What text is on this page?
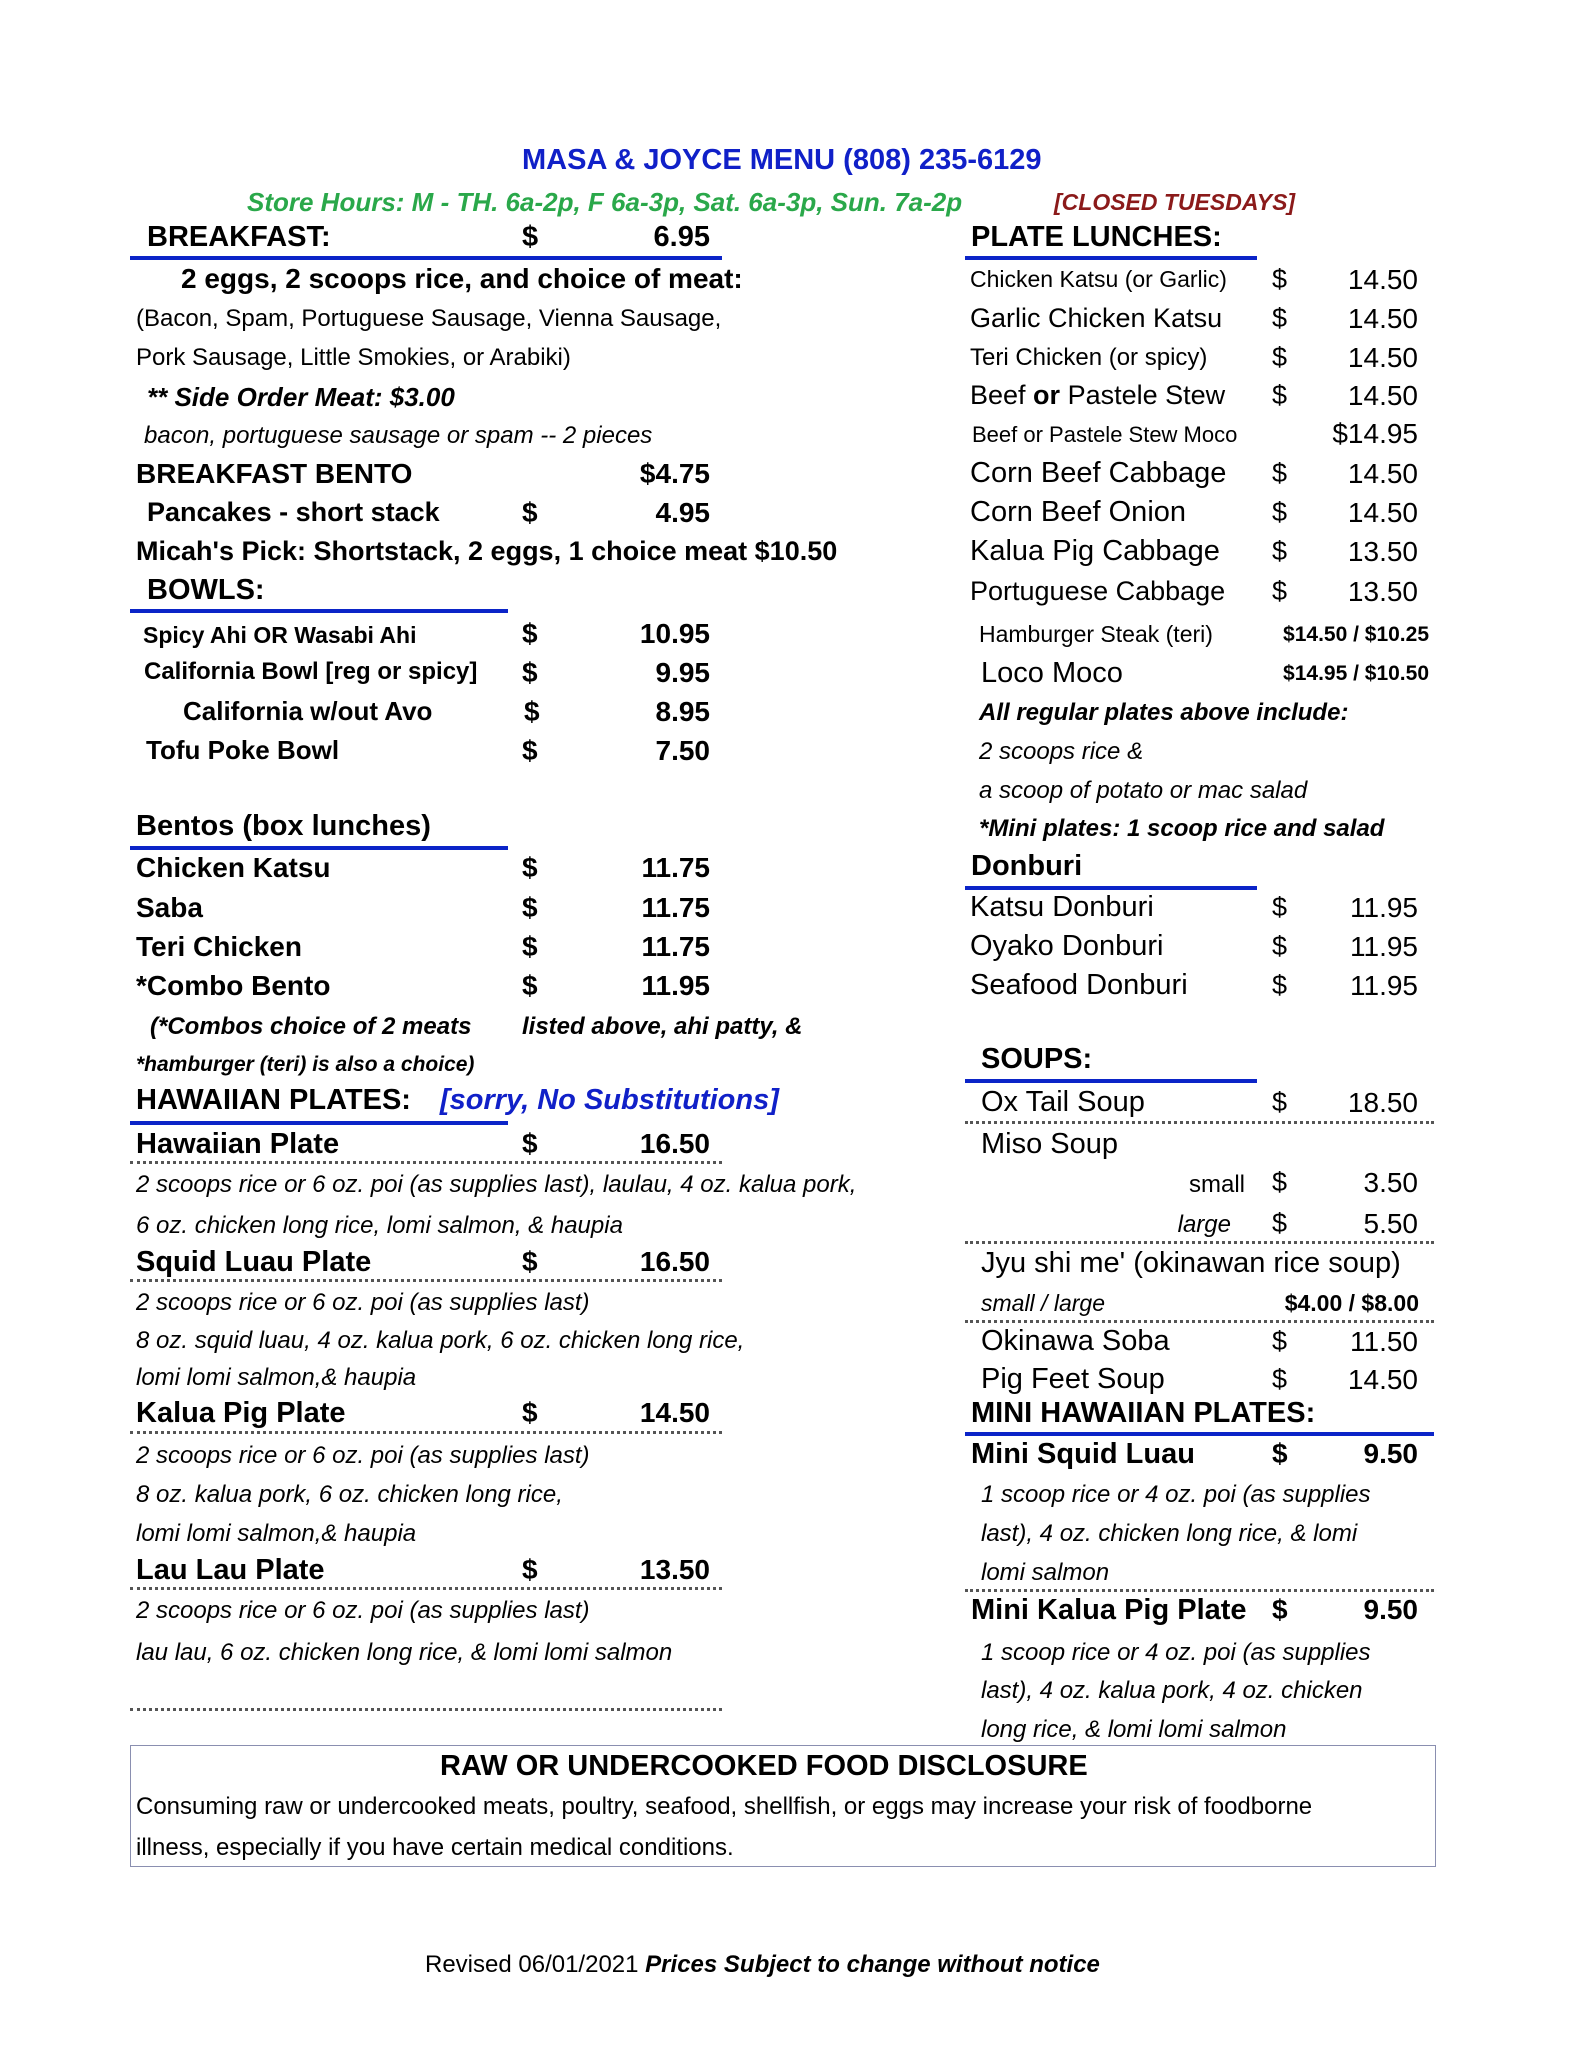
MASA & JOYCE MENU (808) 235-6129
Store Hours: M - TH. 6a-2p, F 6a-3p, Sat. 6a-3p, Sun. 7a-2p	[CLOSED TUESDAYS]
BREAKFAST:	$	6.95
2 eggs, 2 scoops rice, and choice of meat:
(Bacon, Spam, Portuguese Sausage, Vienna Sausage,
Pork Sausage, Little Smokies, or Arabiki)
** Side Order Meat: $3.00
bacon, portuguese sausage or spam -- 2 pieces
BREAKFAST BENTO	$4.75
Pancakes - short stack	$	4.95
Micah's Pick: Shortstack, 2 eggs, 1 choice meat $10.50
BOWLS:
Spicy Ahi OR Wasabi Ahi	$	10.95
California Bowl [reg or spicy] $	9.95
California w/out Avo	$	8.95
Tofu Poke Bowl	$	7.50
Bentos (box lunches)
Chicken Katsu	$	11.75
Saba	$	11.75
Teri Chicken	$	11.75
*Combo Bento	$	11.95
(*Combos choice of 2 meats listed above, ahi patty, &
*hamburger (teri) is also a choice)
HAWAIIAN PLATES: [sorry, No Substitutions]
Hawaiian Plate	$	16.50
2 scoops rice or 6 oz. poi (as supplies last), laulau, 4 oz. kalua pork,
6 oz. chicken long rice, lomi salmon, & haupia
Squid Luau Plate	$	16.50
2 scoops rice or 6 oz. poi (as supplies last)
8 oz. squid luau, 4 oz. kalua pork, 6 oz. chicken long rice,
lomi lomi salmon,& haupia
Kalua Pig Plate	$	14.50
2 scoops rice or 6 oz. poi (as supplies last)
8 oz. kalua pork, 6 oz. chicken long rice,
lomi lomi salmon,& haupia
Lau Lau Plate	$	13.50
2 scoops rice or 6 oz. poi (as supplies last)
lau lau, 6 oz. chicken long rice, & lomi lomi salmon
PLATE LUNCHES:
Chicken Katsu (or Garlic) $	14.50
Garlic Chicken Katsu $	14.50
Teri Chicken (or spicy) $	14.50
Beef or Pastele Stew $	14.50
Beef or Pastele Stew Moco	$14.95
Corn Beef Cabbage $	14.50
Corn Beef Onion	$	14.50
Kalua Pig Cabbage $	13.50
Portuguese Cabbage $	13.50
Hamburger Steak (teri)	$14.50 / $10.25
Loco Moco	$14.95 / $10.50
All regular plates above include:
2 scoops rice &
a scoop of potato or mac salad
*Mini plates: 1 scoop rice and salad
Donburi
Katsu Donburi	$	11.95
Oyako Donburi	$	11.95
Seafood Donburi	$	11.95
SOUPS:
Ox Tail Soup	$	18.50
Miso Soup
small $	3.50
large $	5.50
Jyu shi me' (okinawan rice soup)
small / large	$4.00 / $8.00
Okinawa Soba	$	11.50
Pig Feet Soup	$	14.50
MINI HAWAIIAN PLATES:
Mini Squid Luau	$	9.50
1 scoop rice or 4 oz. poi (as supplies
last), 4 oz. chicken long rice, & lomi
lomi salmon
Mini Kalua Pig Plate $	9.50
1 scoop rice or 4 oz. poi (as supplies
last), 4 oz. kalua pork, 4 oz. chicken
long rice, & lomi lomi salmon
RAW OR UNDERCOOKED FOOD DISCLOSURE
Consuming raw or undercooked meats, poultry, seafood, shellfish, or eggs may increase your risk of foodborne
illness, especially if you have certain medical conditions.
Revised 06/01/2021 Prices Subject to change without notice
